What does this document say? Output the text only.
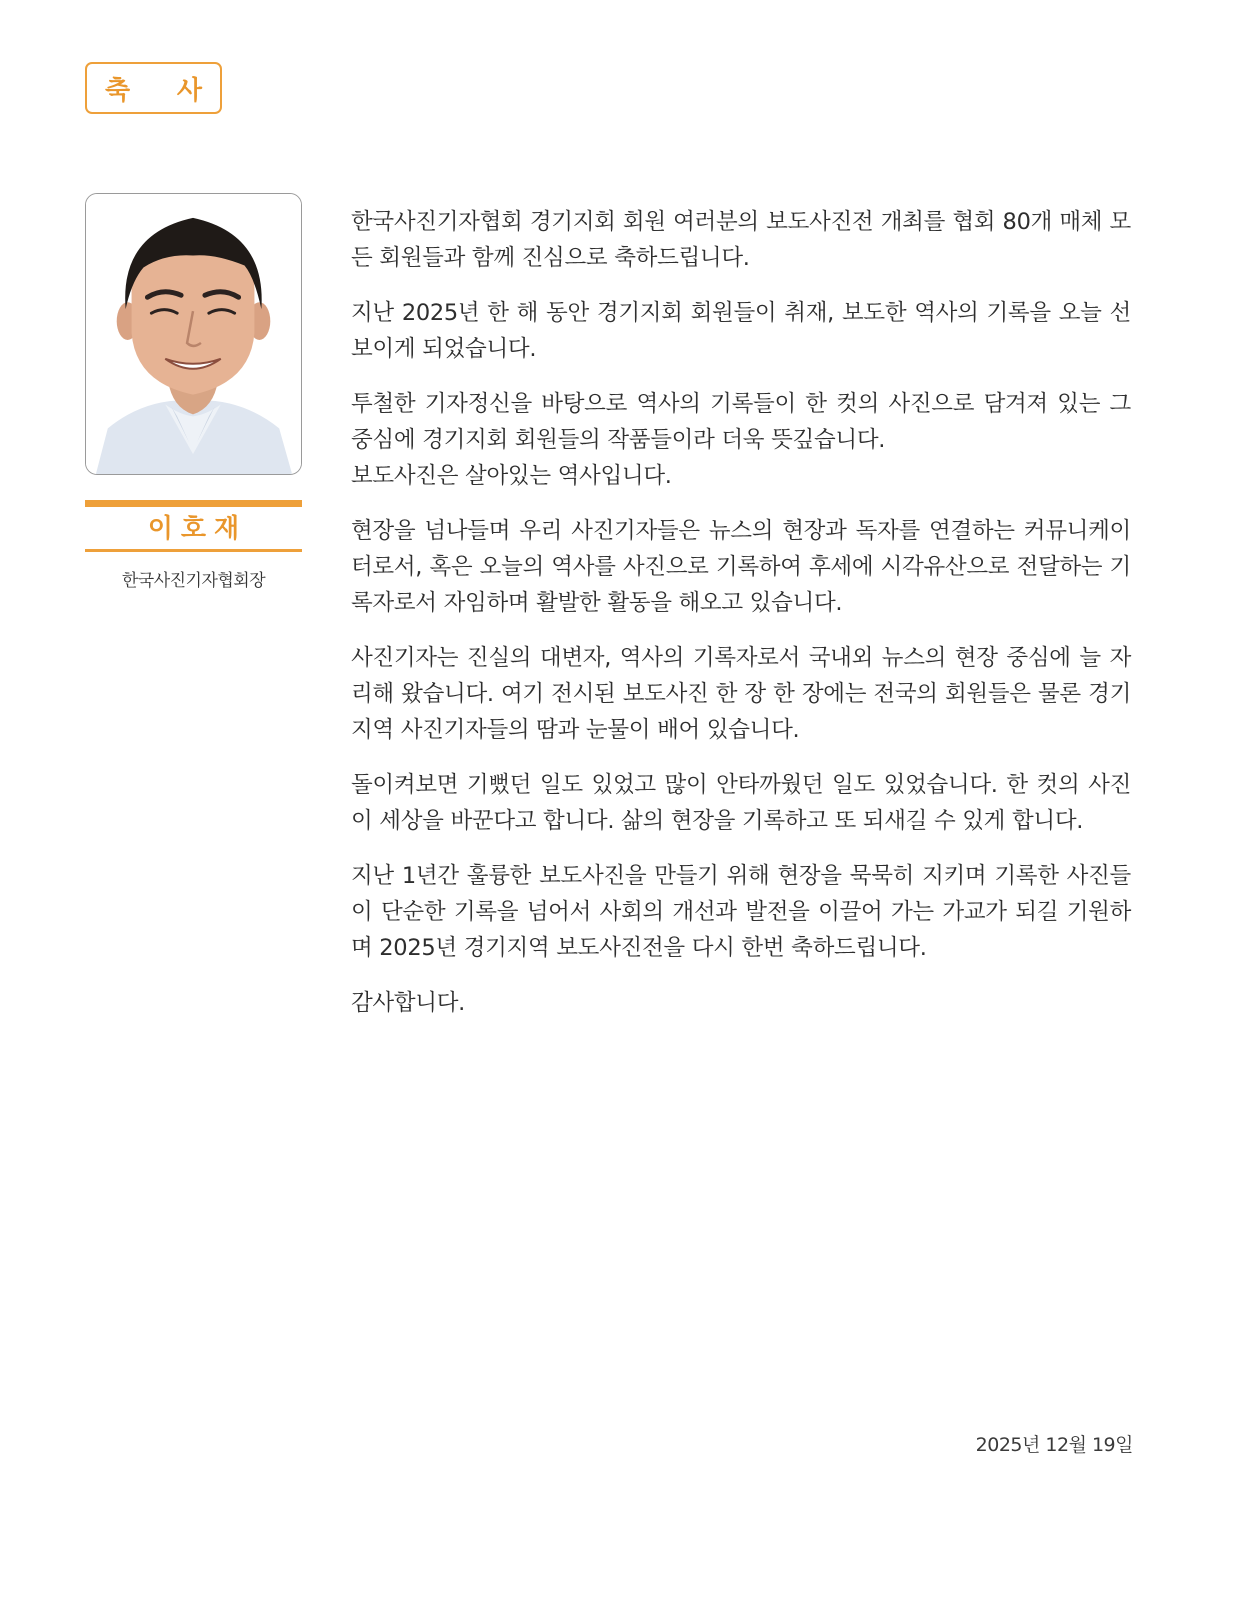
축 사
이호재
한국사진기자협회장

한국사진기자협회 경기지회 회원 여러분의 보도사진전 개최를 협회 80개 매체 모든 회원들과 함께 진심으로 축하드립니다.

지난 2025년 한 해 동안 경기지회 회원들이 취재, 보도한 역사의 기록을 오늘 선보이게 되었습니다.

투철한 기자정신을 바탕으로 역사의 기록들이 한 컷의 사진으로 담겨져 있는 그 중심에 경기지회 회원들의 작품들이라 더욱 뜻깊습니다.

보도사진은 살아있는 역사입니다.

현장을 넘나들며 우리 사진기자들은 뉴스의 현장과 독자를 연결하는 커뮤니케이터로서, 혹은 오늘의 역사를 사진으로 기록하여 후세에 시각유산으로 전달하는 기록자로서 자임하며 활발한 활동을 해오고 있습니다.

사진기자는 진실의 대변자, 역사의 기록자로서 국내외 뉴스의 현장 중심에 늘 자리해 왔습니다. 여기 전시된 보도사진 한 장 한 장에는 전국의 회원들은 물론 경기지역 사진기자들의 땀과 눈물이 배어 있습니다.

돌이켜보면 기뻤던 일도 있었고 많이 안타까웠던 일도 있었습니다. 한 컷의 사진이 세상을 바꾼다고 합니다. 삶의 현장을 기록하고 또 되새길 수 있게 합니다.

지난 1년간 훌륭한 보도사진을 만들기 위해 현장을 묵묵히 지키며 기록한 사진들이 단순한 기록을 넘어서 사회의 개선과 발전을 이끌어 가는 가교가 되길 기원하며 2025년 경기지역 보도사진전을 다시 한번 축하드립니다.

감사합니다.

2025년 12월 19일
